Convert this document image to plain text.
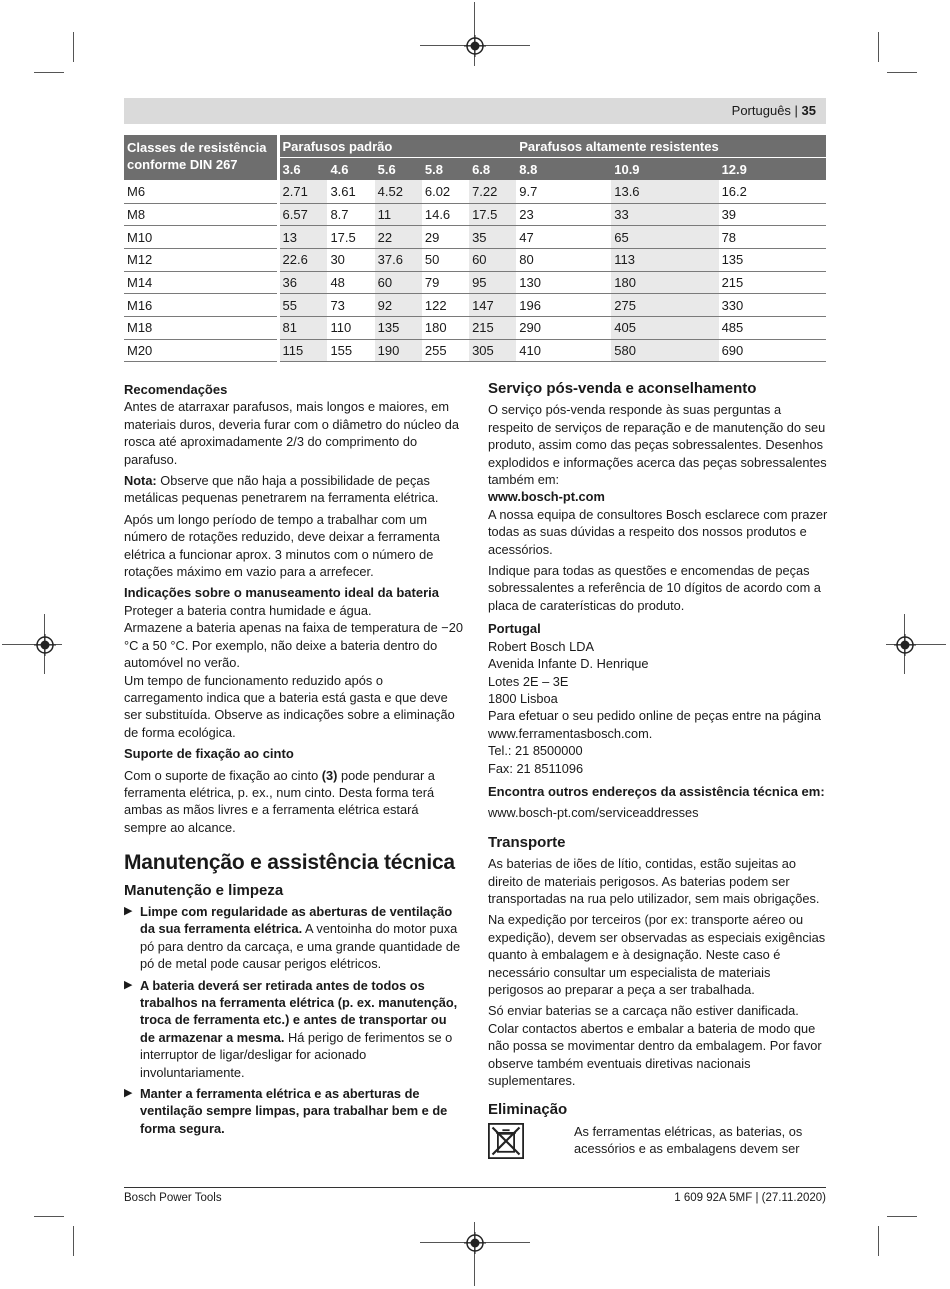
Português | 35
Classes de resistência
conforme DIN 267	Parafusos padrão					Parafusos altamente resistentes		
	3.6	4.6	5.6	5.8	6.8	8.8	10.9	12.9
M6	2.71	3.61	4.52	6.02	7.22	9.7	13.6	16.2
M8	6.57	8.7	11	14.6	17.5	23	33	39
M10	13	17.5	22	29	35	47	65	78
M12	22.6	30	37.6	50	60	80	113	135
M14	36	48	60	79	95	130	180	215
M16	55	73	92	122	147	196	275	330
M18	81	110	135	180	215	290	405	485
M20	115	155	190	255	305	410	580	690
Recomendações
Antes de atarraxar parafusos, mais longos e maiores, em materiais duros, deveria furar com o diâmetro do núcleo da rosca até aproximadamente 2/3 do comprimento do parafuso.
Nota: Observe que não haja a possibilidade de peças metálicas pequenas penetrarem na ferramenta elétrica.
Após um longo período de tempo a trabalhar com um número de rotações reduzido, deve deixar a ferramenta elétrica a funcionar aprox. 3 minutos com o número de rotações máximo em vazio para a arrefecer.
Indicações sobre o manuseamento ideal da bateria
Proteger a bateria contra humidade e água.
Armazene a bateria apenas na faixa de temperatura de −20 °C a 50 °C. Por exemplo, não deixe a bateria dentro do automóvel no verão.
Um tempo de funcionamento reduzido após o carregamento indica que a bateria está gasta e que deve ser substituída. Observe as indicações sobre a eliminação de forma ecológica.
Suporte de fixação ao cinto
Com o suporte de fixação ao cinto (3) pode pendurar a ferramenta elétrica, p. ex., num cinto. Desta forma terá ambas as mãos livres e a ferramenta elétrica estará sempre ao alcance.
Manutenção e assistência técnica
Manutenção e limpeza
▶ Limpe com regularidade as aberturas de ventilação da sua ferramenta elétrica. A ventoinha do motor puxa pó para dentro da carcaça, e uma grande quantidade de pó de metal pode causar perigos elétricos.
▶ A bateria deverá ser retirada antes de todos os trabalhos na ferramenta elétrica (p. ex. manutenção, troca de ferramenta etc.) e antes de transportar ou de armazenar a mesma. Há perigo de ferimentos se o interruptor de ligar/desligar for acionado involuntariamente.
▶ Manter a ferramenta elétrica e as aberturas de ventilação sempre limpas, para trabalhar bem e de forma segura.
Serviço pós-venda e aconselhamento
O serviço pós-venda responde às suas perguntas a respeito de serviços de reparação e de manutenção do seu produto, assim como das peças sobressalentes. Desenhos explodidos e informações acerca das peças sobressalentes também em:
www.bosch-pt.com
A nossa equipa de consultores Bosch esclarece com prazer todas as suas dúvidas a respeito dos nossos produtos e acessórios.
Indique para todas as questões e encomendas de peças sobressalentes a referência de 10 dígitos de acordo com a placa de caraterísticas do produto.
Portugal
Robert Bosch LDA
Avenida Infante D. Henrique
Lotes 2E – 3E
1800 Lisboa
Para efetuar o seu pedido online de peças entre na página www.ferramentasbosch.com.
Tel.: 21 8500000
Fax: 21 8511096
Encontra outros endereços da assistência técnica em:
www.bosch-pt.com/serviceaddresses
Transporte
As baterias de iões de lítio, contidas, estão sujeitas ao direito de materiais perigosos. As baterias podem ser transportadas na rua pelo utilizador, sem mais obrigações.
Na expedição por terceiros (por ex: transporte aéreo ou expedição), devem ser observadas as especiais exigências quanto à embalagem e à designação. Neste caso é necessário consultar um especialista de materiais perigosos ao preparar a peça a ser trabalhada.
Só enviar baterias se a carcaça não estiver danificada. Colar contactos abertos e embalar a bateria de modo que não possa se movimentar dentro da embalagem. Por favor observe também eventuais diretivas nacionais suplementares.
Eliminação
As ferramentas elétricas, as baterias, os acessórios e as embalagens devem ser
Bosch Power Tools	1 609 92A 5MF | (27.11.2020)
